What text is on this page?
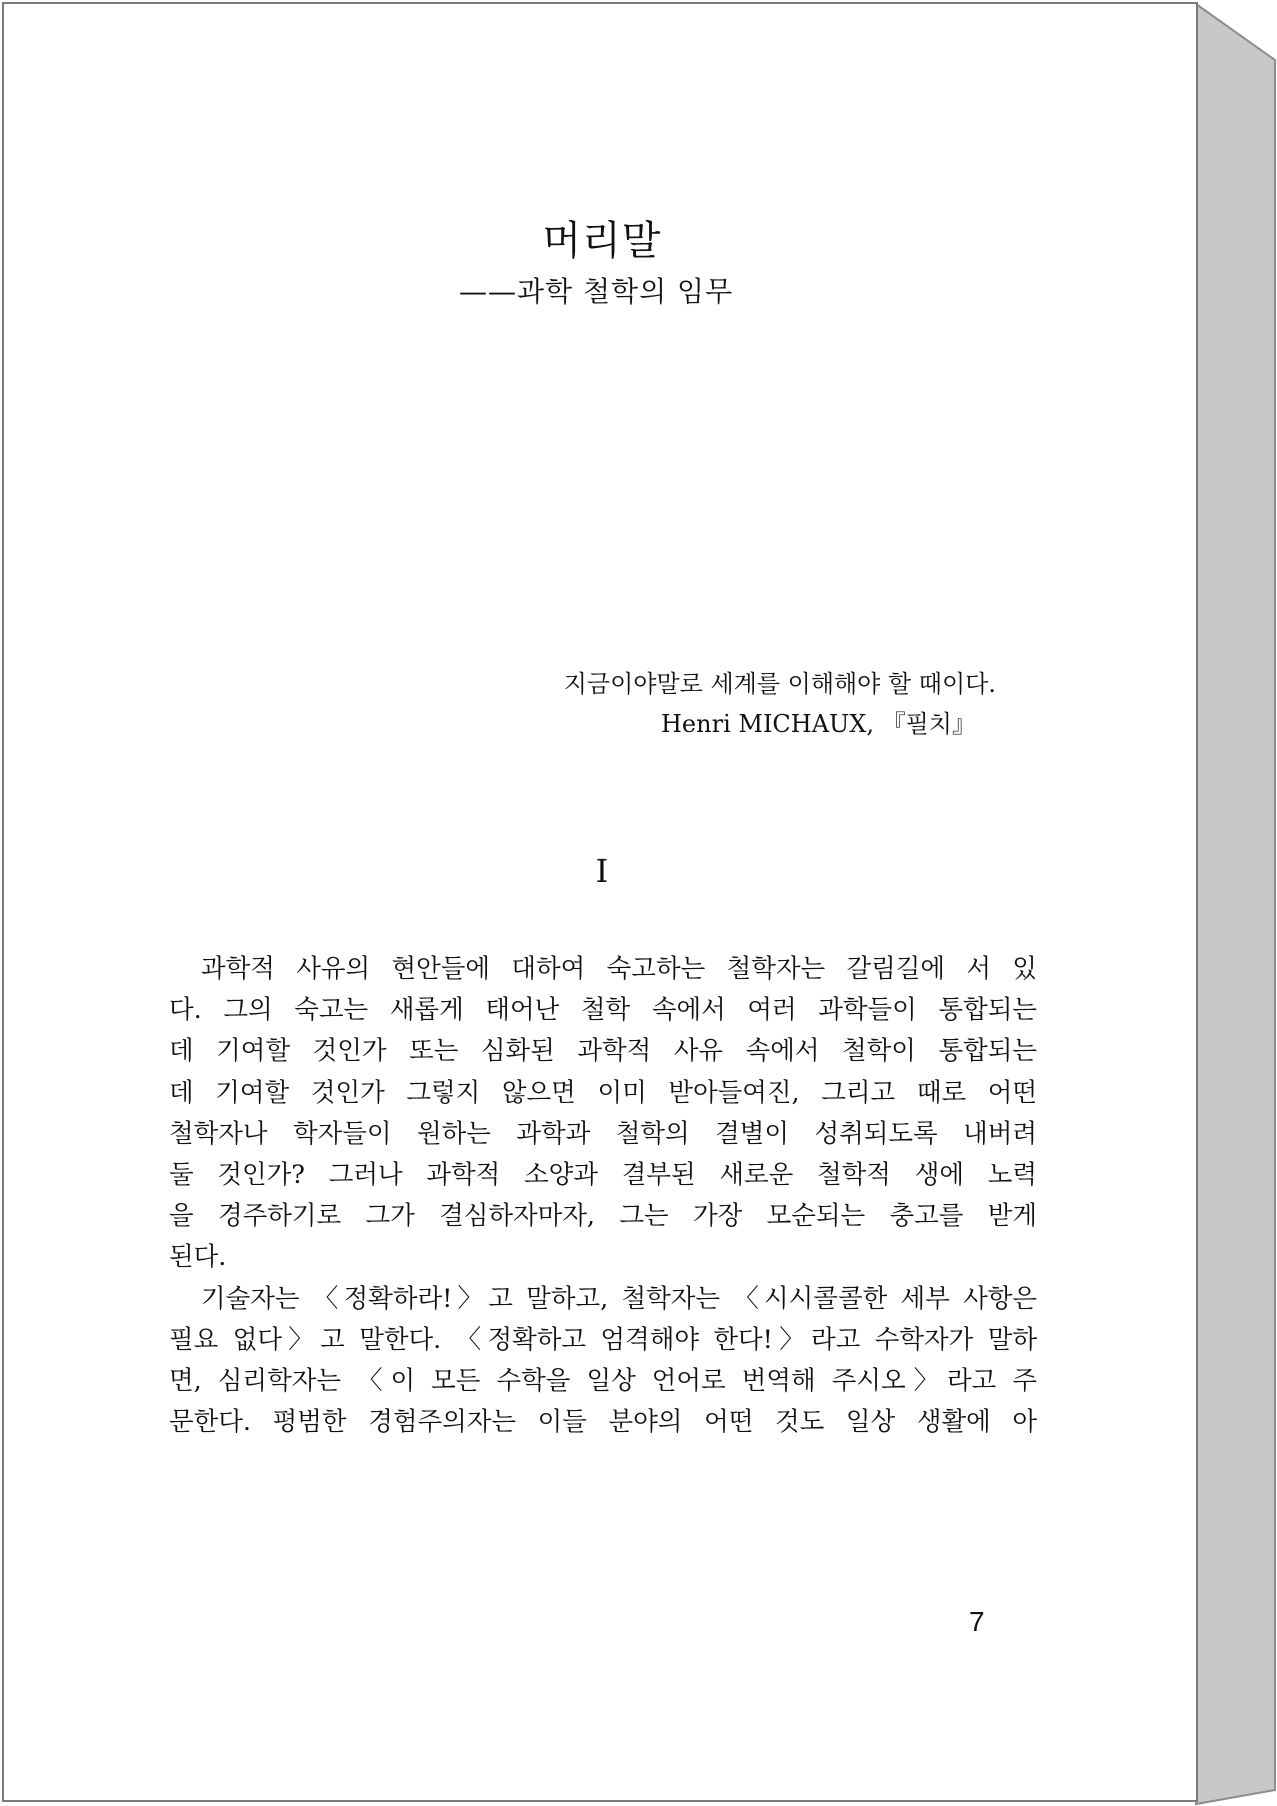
머리말
——과학 철학의 임무
지금이야말로 세계를 이해해야 할 때이다.
Henri MICHAUX, 『필치』
I
과학적 사유의 현안들에 대하여 숙고하는 철학자는 갈림길에 서 있
다. 그의 숙고는 새롭게 태어난 철학 속에서 여러 과학들이 통합되는
데 기여할 것인가 또는 심화된 과학적 사유 속에서 철학이 통합되는
데 기여할 것인가 그렇지 않으면 이미 받아들여진, 그리고 때로 어떤
철학자나 학자들이 원하는 과학과 철학의 결별이 성취되도록 내버려
둘 것인가? 그러나 과학적 소양과 결부된 새로운 철학적 생에 노력
을 경주하기로 그가 결심하자마자, 그는 가장 모순되는 충고를 받게
된다.
기술자는 〈정확하라!〉고 말하고, 철학자는 〈시시콜콜한 세부 사항은
필요 없다〉고 말한다. 〈정확하고 엄격해야 한다!〉라고 수학자가 말하
면, 심리학자는 〈이 모든 수학을 일상 언어로 번역해 주시오〉라고 주
문한다. 평범한 경험주의자는 이들 분야의 어떤 것도 일상 생활에 아
7
